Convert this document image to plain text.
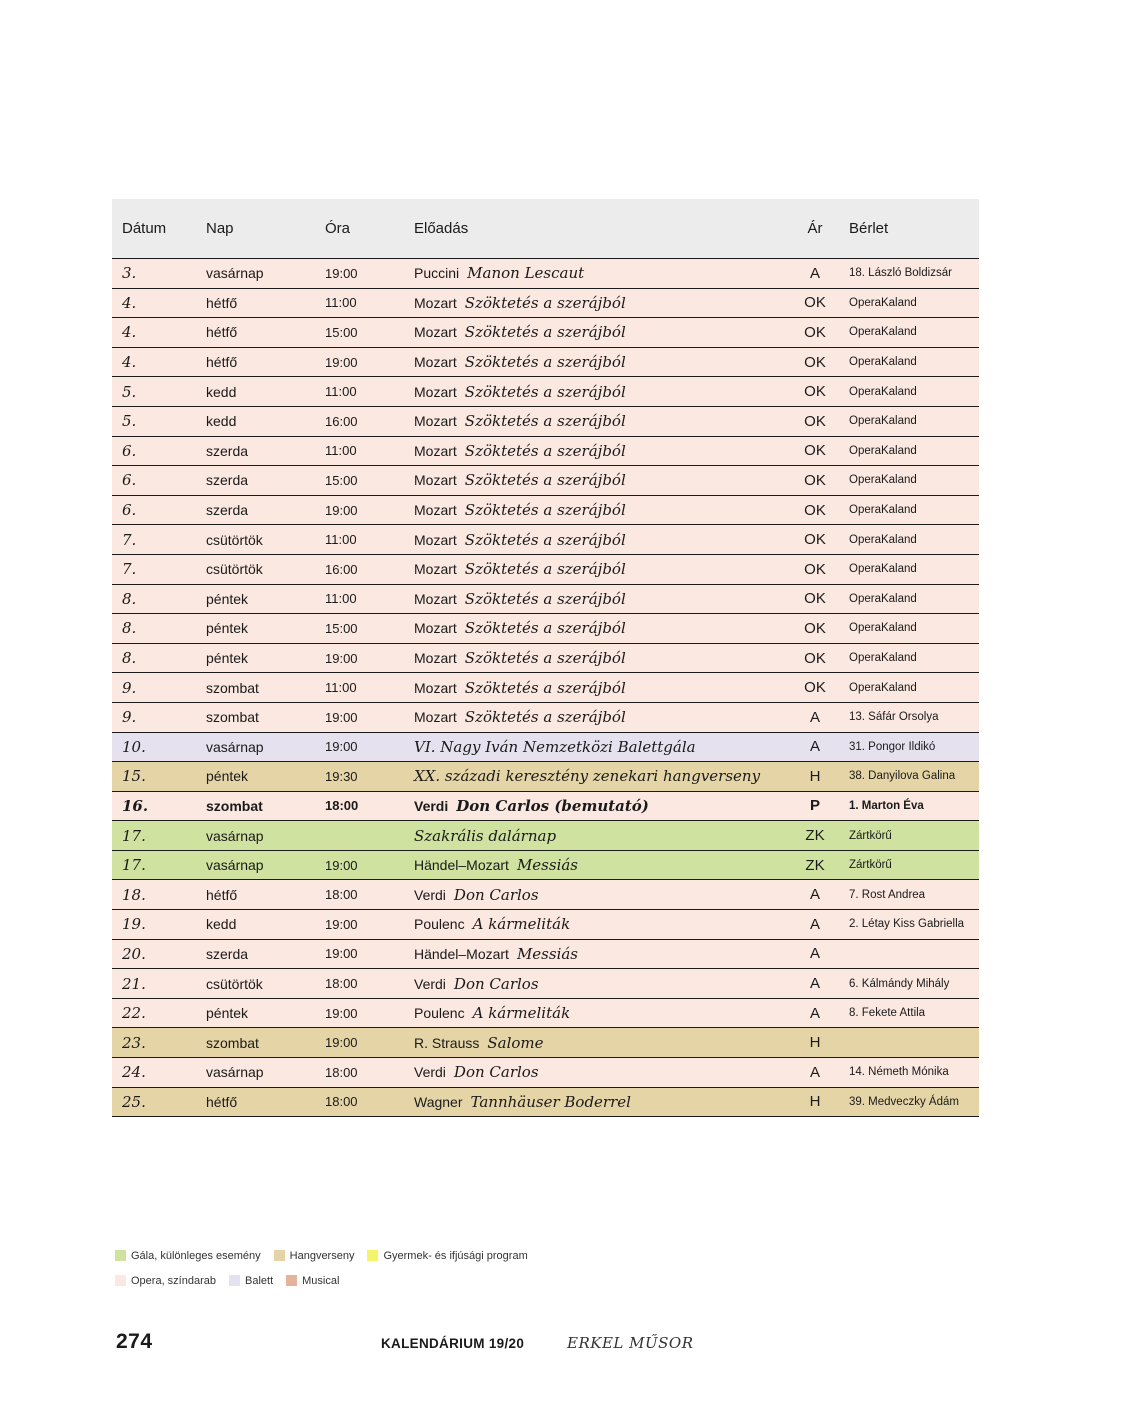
Dátum	Nap	Óra	Előadás	Ár	Bérlet
3.	vasárnap	19:00	Puccini Manon Lescaut	A	18. László Boldizsár
4.	hétfő	11:00	Mozart Szöktetés a szerájból	OK	OperaKaland
4.	hétfő	15:00	Mozart Szöktetés a szerájból	OK	OperaKaland
4.	hétfő	19:00	Mozart Szöktetés a szerájból	OK	OperaKaland
5.	kedd	11:00	Mozart Szöktetés a szerájból	OK	OperaKaland
5.	kedd	16:00	Mozart Szöktetés a szerájból	OK	OperaKaland
6.	szerda	11:00	Mozart Szöktetés a szerájból	OK	OperaKaland
6.	szerda	15:00	Mozart Szöktetés a szerájból	OK	OperaKaland
6.	szerda	19:00	Mozart Szöktetés a szerájból	OK	OperaKaland
7.	csütörtök	11:00	Mozart Szöktetés a szerájból	OK	OperaKaland
7.	csütörtök	16:00	Mozart Szöktetés a szerájból	OK	OperaKaland
8.	péntek	11:00	Mozart Szöktetés a szerájból	OK	OperaKaland
8.	péntek	15:00	Mozart Szöktetés a szerájból	OK	OperaKaland
8.	péntek	19:00	Mozart Szöktetés a szerájból	OK	OperaKaland
9.	szombat	11:00	Mozart Szöktetés a szerájból	OK	OperaKaland
9.	szombat	19:00	Mozart Szöktetés a szerájból	A	13. Sáfár Orsolya
10.	vasárnap	19:00	VI. Nagy Iván Nemzetközi Balettgála	A	31. Pongor Ildikó
15.	péntek	19:30	XX. századi keresztény zenekari hangverseny	H	38. Danyilova Galina
16.	szombat	18:00	Verdi Don Carlos (bemutató)	P	1. Marton Éva
17.	vasárnap		Szakrális dalárnap	ZK	Zártkörű
17.	vasárnap	19:00	Händel–Mozart Messiás	ZK	Zártkörű
18.	hétfő	18:00	Verdi Don Carlos	A	7. Rost Andrea
19.	kedd	19:00	Poulenc A kármeliták	A	2. Létay Kiss Gabriella
20.	szerda	19:00	Händel–Mozart Messiás	A	
21.	csütörtök	18:00	Verdi Don Carlos	A	6. Kálmándy Mihály
22.	péntek	19:00	Poulenc A kármeliták	A	8. Fekete Attila
23.	szombat	19:00	R. Strauss Salome	H	
24.	vasárnap	18:00	Verdi Don Carlos	A	14. Németh Mónika
25.	hétfő	18:00	Wagner Tannhäuser Boderrel	H	39. Medveczky Ádám
Gála, különleges esemény	Hangverseny	Gyermek- és ifjúsági program
Opera, színdarab	Balett	Musical
274	KALENDÁRIUM 19/20	ERKEL MŰSOR
